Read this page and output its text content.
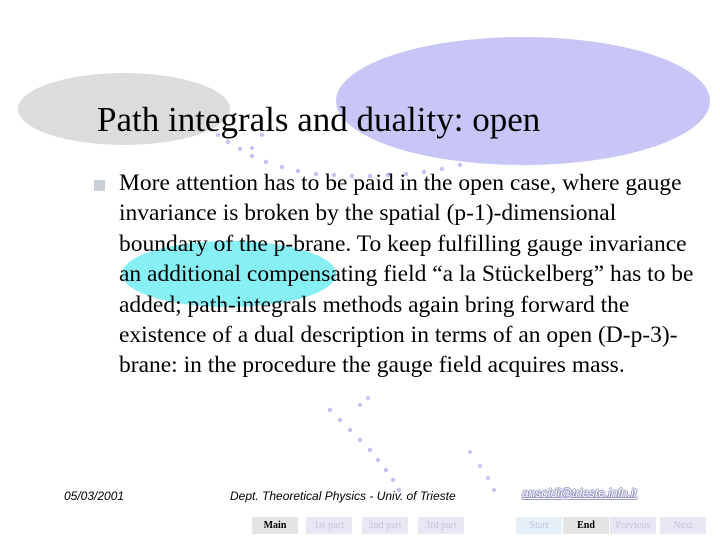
Path integrals and duality: open
More attention has to be paid in the open case, where gauge invariance is broken by the spatial (p-1)-dimensional boundary of the p-brane. To keep fulfilling gauge invariance an additional compensating field “a la Stückelberg” has to be added; path-integrals methods again bring forward the existence of a dual description in terms of an open (D-p-3)-brane: in the procedure the gauge field acquires mass.
05/03/2001	Dept. Theoretical Physics - Univ. of Trieste	ansoldi@trieste.infn.it
Main	1st part	2nd part	3rd part	Start	End	Previous	Next
